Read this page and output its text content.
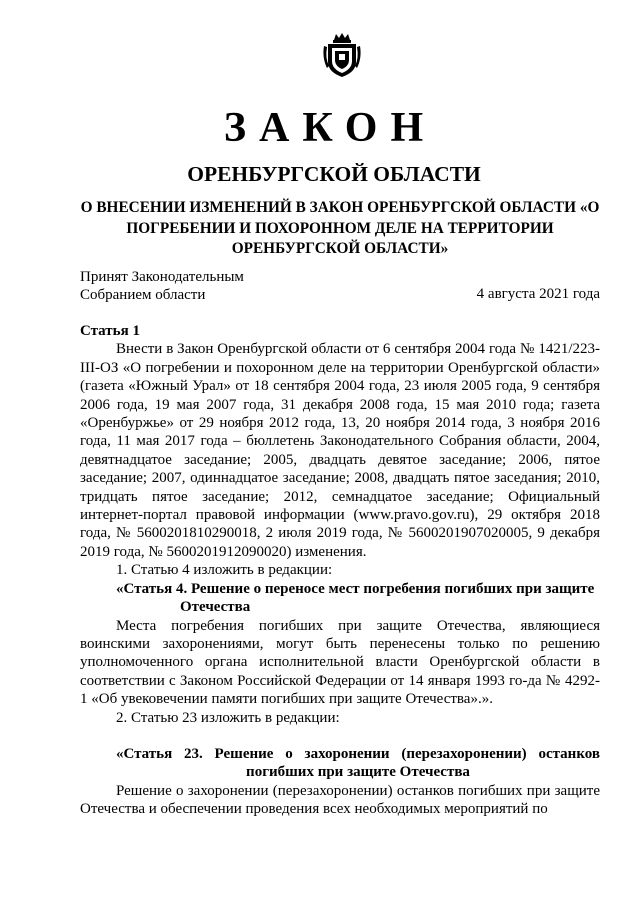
ЗАКОН
ОРЕНБУРГСКОЙ ОБЛАСТИ
О ВНЕСЕНИИ ИЗМЕНЕНИЙ В ЗАКОН ОРЕНБУРГСКОЙ ОБЛАСТИ «О ПОГРЕБЕНИИ И ПОХОРОННОМ ДЕЛЕ НА ТЕРРИТОРИИ ОРЕНБУРГСКОЙ ОБЛАСТИ»
Принят Законодательным
Собранием области	4 августа 2021 года

Статья 1

Внести в Закон Оренбургской области от 6 сентября 2004 года № 1421/223-III-ОЗ «О погребении и похоронном деле на территории Оренбургской области» (газета «Южный Урал» от 18 сентября 2004 года, 23 июля 2005 года, 9 сентября 2006 года, 19 мая 2007 года, 31 декабря 2008 года, 15 мая 2010 года; газета «Оренбуржье» от 29 ноября 2012 года, 13, 20 ноября 2014 года, 3 ноября 2016 года, 11 мая 2017 года – бюллетень Законодательного Собрания области, 2004, девятнадцатое заседание; 2005, двадцать девятое заседание; 2006, пятое заседание; 2007, одиннадцатое заседание; 2008, двадцать пятое заседания; 2010, тридцать пятое заседание; 2012, семнадцатое заседание; Официальный интернет-портал правовой информации (www.pravo.gov.ru), 29 октября 2018 года, № 5600201810290018, 2 июля 2019 года, № 5600201907020005, 9 декабря 2019 года, № 5600201912090020) изменения.

1. Статью 4 изложить в редакции:

«Статья 4. Решение о переносе мест погребения погибших при защите
Отечества

Места погребения погибших при защите Отечества, являющиеся воинскими захоронениями, могут быть перенесены только по решению уполномоченного органа исполнительной власти Оренбургской области в соответствии с Законом Российской Федерации от 14 января 1993 го-да № 4292-1 «Об увековечении памяти погибших при защите Отечества».».

2. Статью 23 изложить в редакции:

«Статья 23. Решение о захоронении (перезахоронении) останков
погибших при защите Отечества

Решение о захоронении (перезахоронении) останков погибших при защите Отечества и обеспечении проведения всех необходимых мероприятий по
